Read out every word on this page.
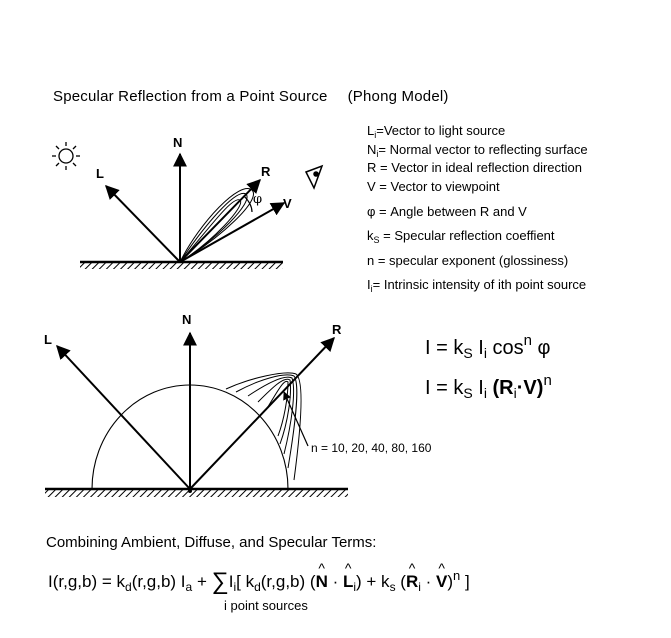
Specular Reflection from a Point Source (Phong Model)
L
N
R
V
φ
L
N
R
n = 10, 20, 40, 80, 160
$L_i=Vector$ to light source
$N_i=$ Normal vector to reflecting surface
R = Vector in ideal reflection direction
V = Vector to viewpoint
φ = Angle between R and V
$k_S$ = Specular reflection coeffient
n = specular exponent (glossiness)
$I_i=$ Intrinsic intensity of ith point source
$I = k_S$ $I_i$ $\cos^n \varphi$
$I = k_S$ $I_i$ $(R_i\cdot V)^n$
Combining Ambient, Diffuse, and Specular Terms:
$I(r,g,b) = k_d(r,g,b) I_a + \sum I_i$[ $k_d(r,g,b)$ (^ N · ^ $L_i) + k_s$ (^ $R_i$ · ^ V)$^n$ ]
i point sources
